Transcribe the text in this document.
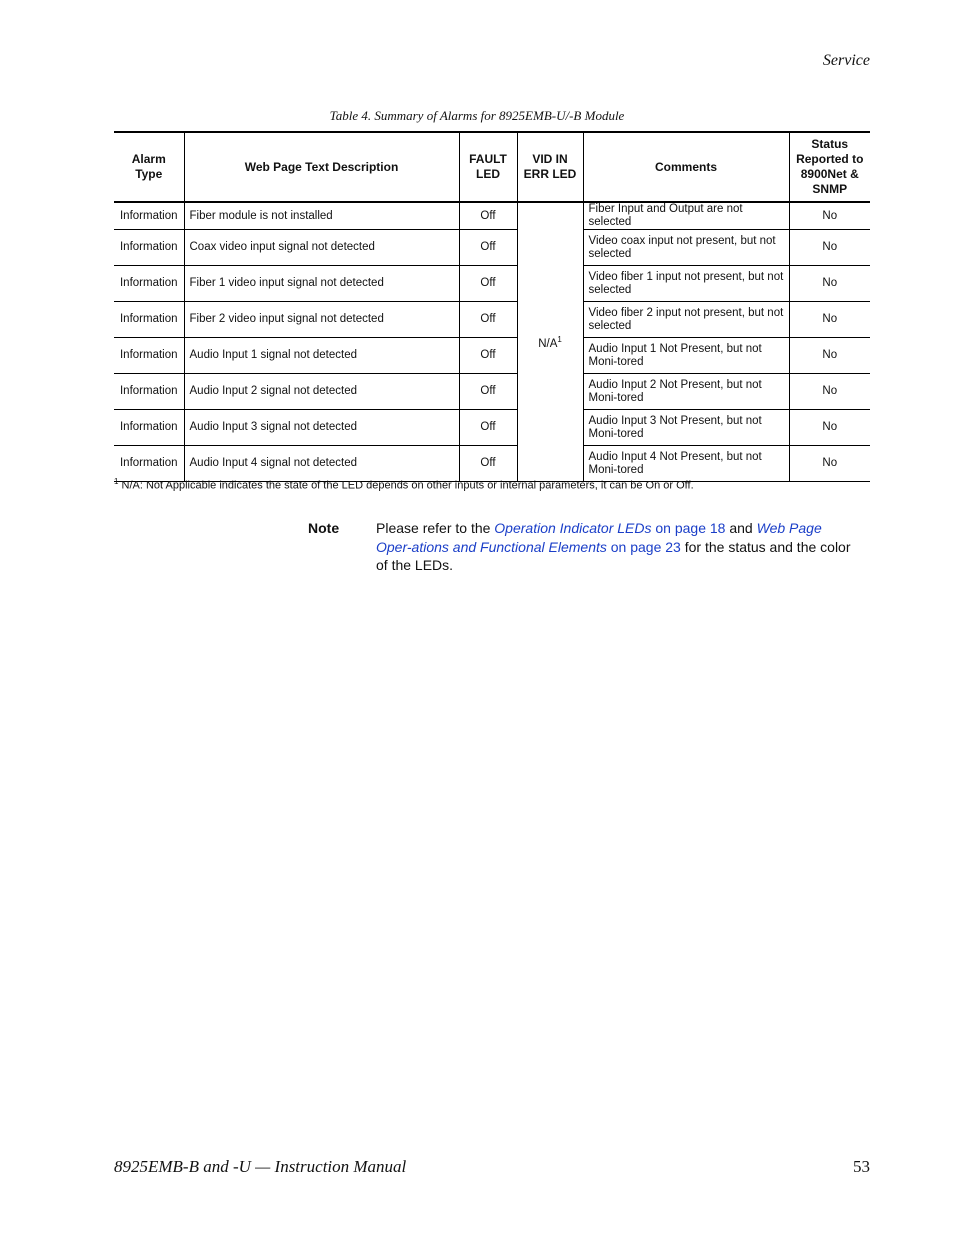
Service
Table 4. Summary of Alarms for 8925EMB-U/-B Module
Alarm Type	Web Page Text Description	FAULT LED	VID IN ERR LED	Comments	Status Reported to 8900Net & SNMP
Information	Fiber module is not installed	Off	$N/A^1$	Fiber Input and Output are not selected	No
Information	Coax video input signal not detected	Off		Video coax input not present, but not selected	No
Information	Fiber 1 video input signal not detected	Off		Video fiber 1 input not present, but not selected	No
Information	Fiber 2 video input signal not detected	Off		Video fiber 2 input not present, but not selected	No
Information	Audio Input 1 signal not detected	Off		Audio Input 1 Not Present, but not Moni-tored	No
Information	Audio Input 2 signal not detected	Off		Audio Input 2 Not Present, but not Moni-tored	No
Information	Audio Input 3 signal not detected	Off		Audio Input 3 Not Present, but not Moni-tored	No
Information	Audio Input 4 signal not detected	Off		Audio Input 4 Not Present, but not Moni-tored	No
$^1$ N/A: Not Applicable indicates the state of the LED depends on other inputs or internal parameters, it can be On or Off.
Note	Please refer to the Operation Indicator LEDs on page 18 and Web Page Oper-ations and Functional Elements on page 23 for the status and the color of the LEDs.
8925EMB-B and -U — Instruction Manual	53
